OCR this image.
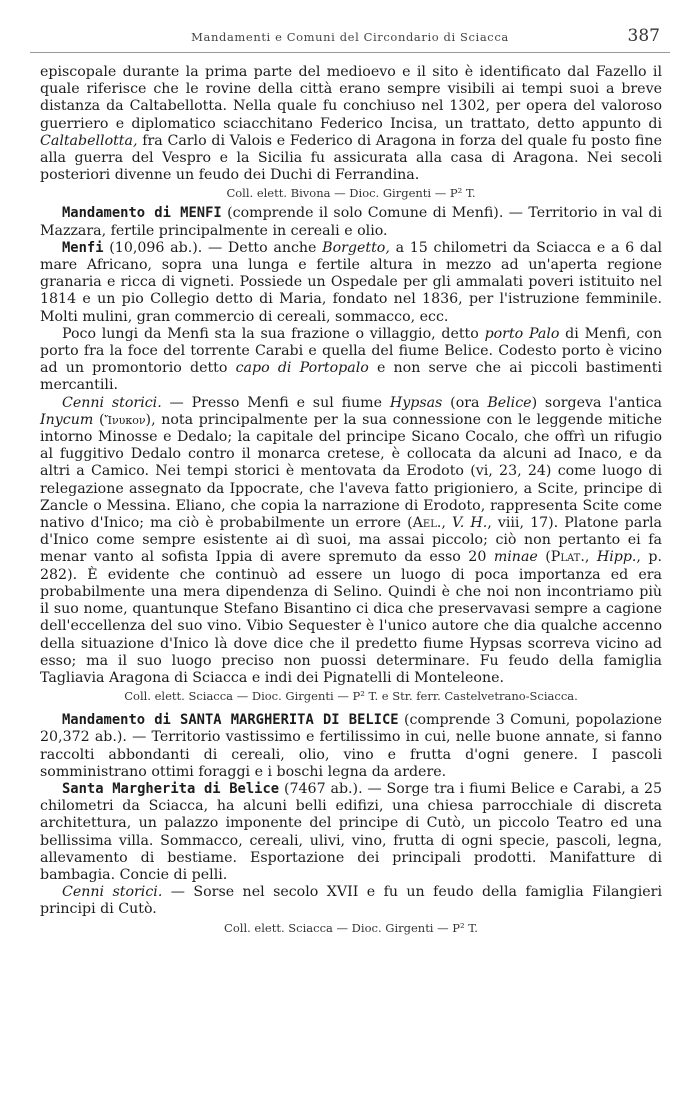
Mandamenti e Comuni del Circondario di Sciacca	387

episcopale durante la prima parte del medioevo e il sito è identificato dal Fazello il quale riferisce che le rovine della città erano sempre visibili ai tempi suoi a breve distanza da Caltabellotta. Nella quale fu conchiuso nel 1302, per opera del valoroso guerriero e diplomatico sciacchitano Federico Incisa, un trattato, detto appunto di Caltabellotta, fra Carlo di Valois e Federico di Aragona in forza del quale fu posto fine alla guerra del Vespro e la Sicilia fu assicurata alla casa di Aragona. Nei secoli posteriori divenne un feudo dei Duchi di Ferrandina.

Coll. elett. Bivona — Dioc. Girgenti — P² T.

Mandamento di MENFI (comprende il solo Comune di Menfi). — Territorio in val di Mazzara, fertile principalmente in cereali e olio.

Menfi (10,096 ab.). — Detto anche Borgetto, a 15 chilometri da Sciacca e a 6 dal mare Africano, sopra una lunga e fertile altura in mezzo ad un'aperta regione granaria e ricca di vigneti. Possiede un Ospedale per gli ammalati poveri istituito nel 1814 e un pio Collegio detto di Maria, fondato nel 1836, per l'istruzione femminile. Molti mulini, gran commercio di cereali, sommacco, ecc.

Poco lungi da Menfi sta la sua frazione o villaggio, detto porto Palo di Menfi, con porto fra la foce del torrente Carabi e quella del fiume Belice. Codesto porto è vicino ad un promontorio detto capo di Portopalo e non serve che ai piccoli bastimenti mercantili.

Cenni storici. — Presso Menfi e sul fiume Hypsas (ora Belice) sorgeva l'antica Inycum (Ἴνυκον), nota principalmente per la sua connessione con le leggende mitiche intorno Minosse e Dedalo; la capitale del principe Sicano Cocalo, che offrì un rifugio al fuggitivo Dedalo contro il monarca cretese, è collocata da alcuni ad Inaco, e da altri a Camico. Nei tempi storici è mentovata da Erodoto (vi, 23, 24) come luogo di relegazione assegnato da Ippocrate, che l'aveva fatto prigioniero, a Scite, principe di Zancle o Messina. Eliano, che copia la narrazione di Erodoto, rappresenta Scite come nativo d'Inico; ma ciò è probabilmente un errore (Ael., V. H., viii, 17). Platone parla d'Inico come sempre esistente ai dì suoi, ma assai piccolo; ciò non pertanto ei fa menar vanto al sofista Ippia di avere spremuto da esso 20 minae (Plat., Hipp., p. 282). È evidente che continuò ad essere un luogo di poca importanza ed era probabilmente una mera dipendenza di Selino. Quindi è che noi non incontriamo più il suo nome, quantunque Stefano Bisantino ci dica che preservavasi sempre a cagione dell'eccellenza del suo vino. Vibio Sequester è l'unico autore che dia qualche accenno della situazione d'Inico là dove dice che il predetto fiume Hypsas scorreva vicino ad esso; ma il suo luogo preciso non puossi determinare. Fu feudo della famiglia Tagliavia Aragona di Sciacca e indi dei Pignatelli di Monteleone.

Coll. elett. Sciacca — Dioc. Girgenti — P² T. e Str. ferr. Castelvetrano-Sciacca.

Mandamento di SANTA MARGHERITA DI BELICE (comprende 3 Comuni, popolazione 20,372 ab.). — Territorio vastissimo e fertilissimo in cui, nelle buone annate, si fanno raccolti abbondanti di cereali, olio, vino e frutta d'ogni genere. I pascoli somministrano ottimi foraggi e i boschi legna da ardere.

Santa Margherita di Belice (7467 ab.). — Sorge tra i fiumi Belice e Carabi, a 25 chilometri da Sciacca, ha alcuni belli edifizi, una chiesa parrocchiale di discreta architettura, un palazzo imponente del principe di Cutò, un piccolo Teatro ed una bellissima villa. Sommacco, cereali, ulivi, vino, frutta di ogni specie, pascoli, legna, allevamento di bestiame. Esportazione dei principali prodotti. Manifatture di bambagia. Concie di pelli.

Cenni storici. — Sorse nel secolo XVII e fu un feudo della famiglia Filangieri principi di Cutò.

Coll. elett. Sciacca — Dioc. Girgenti — P² T.
